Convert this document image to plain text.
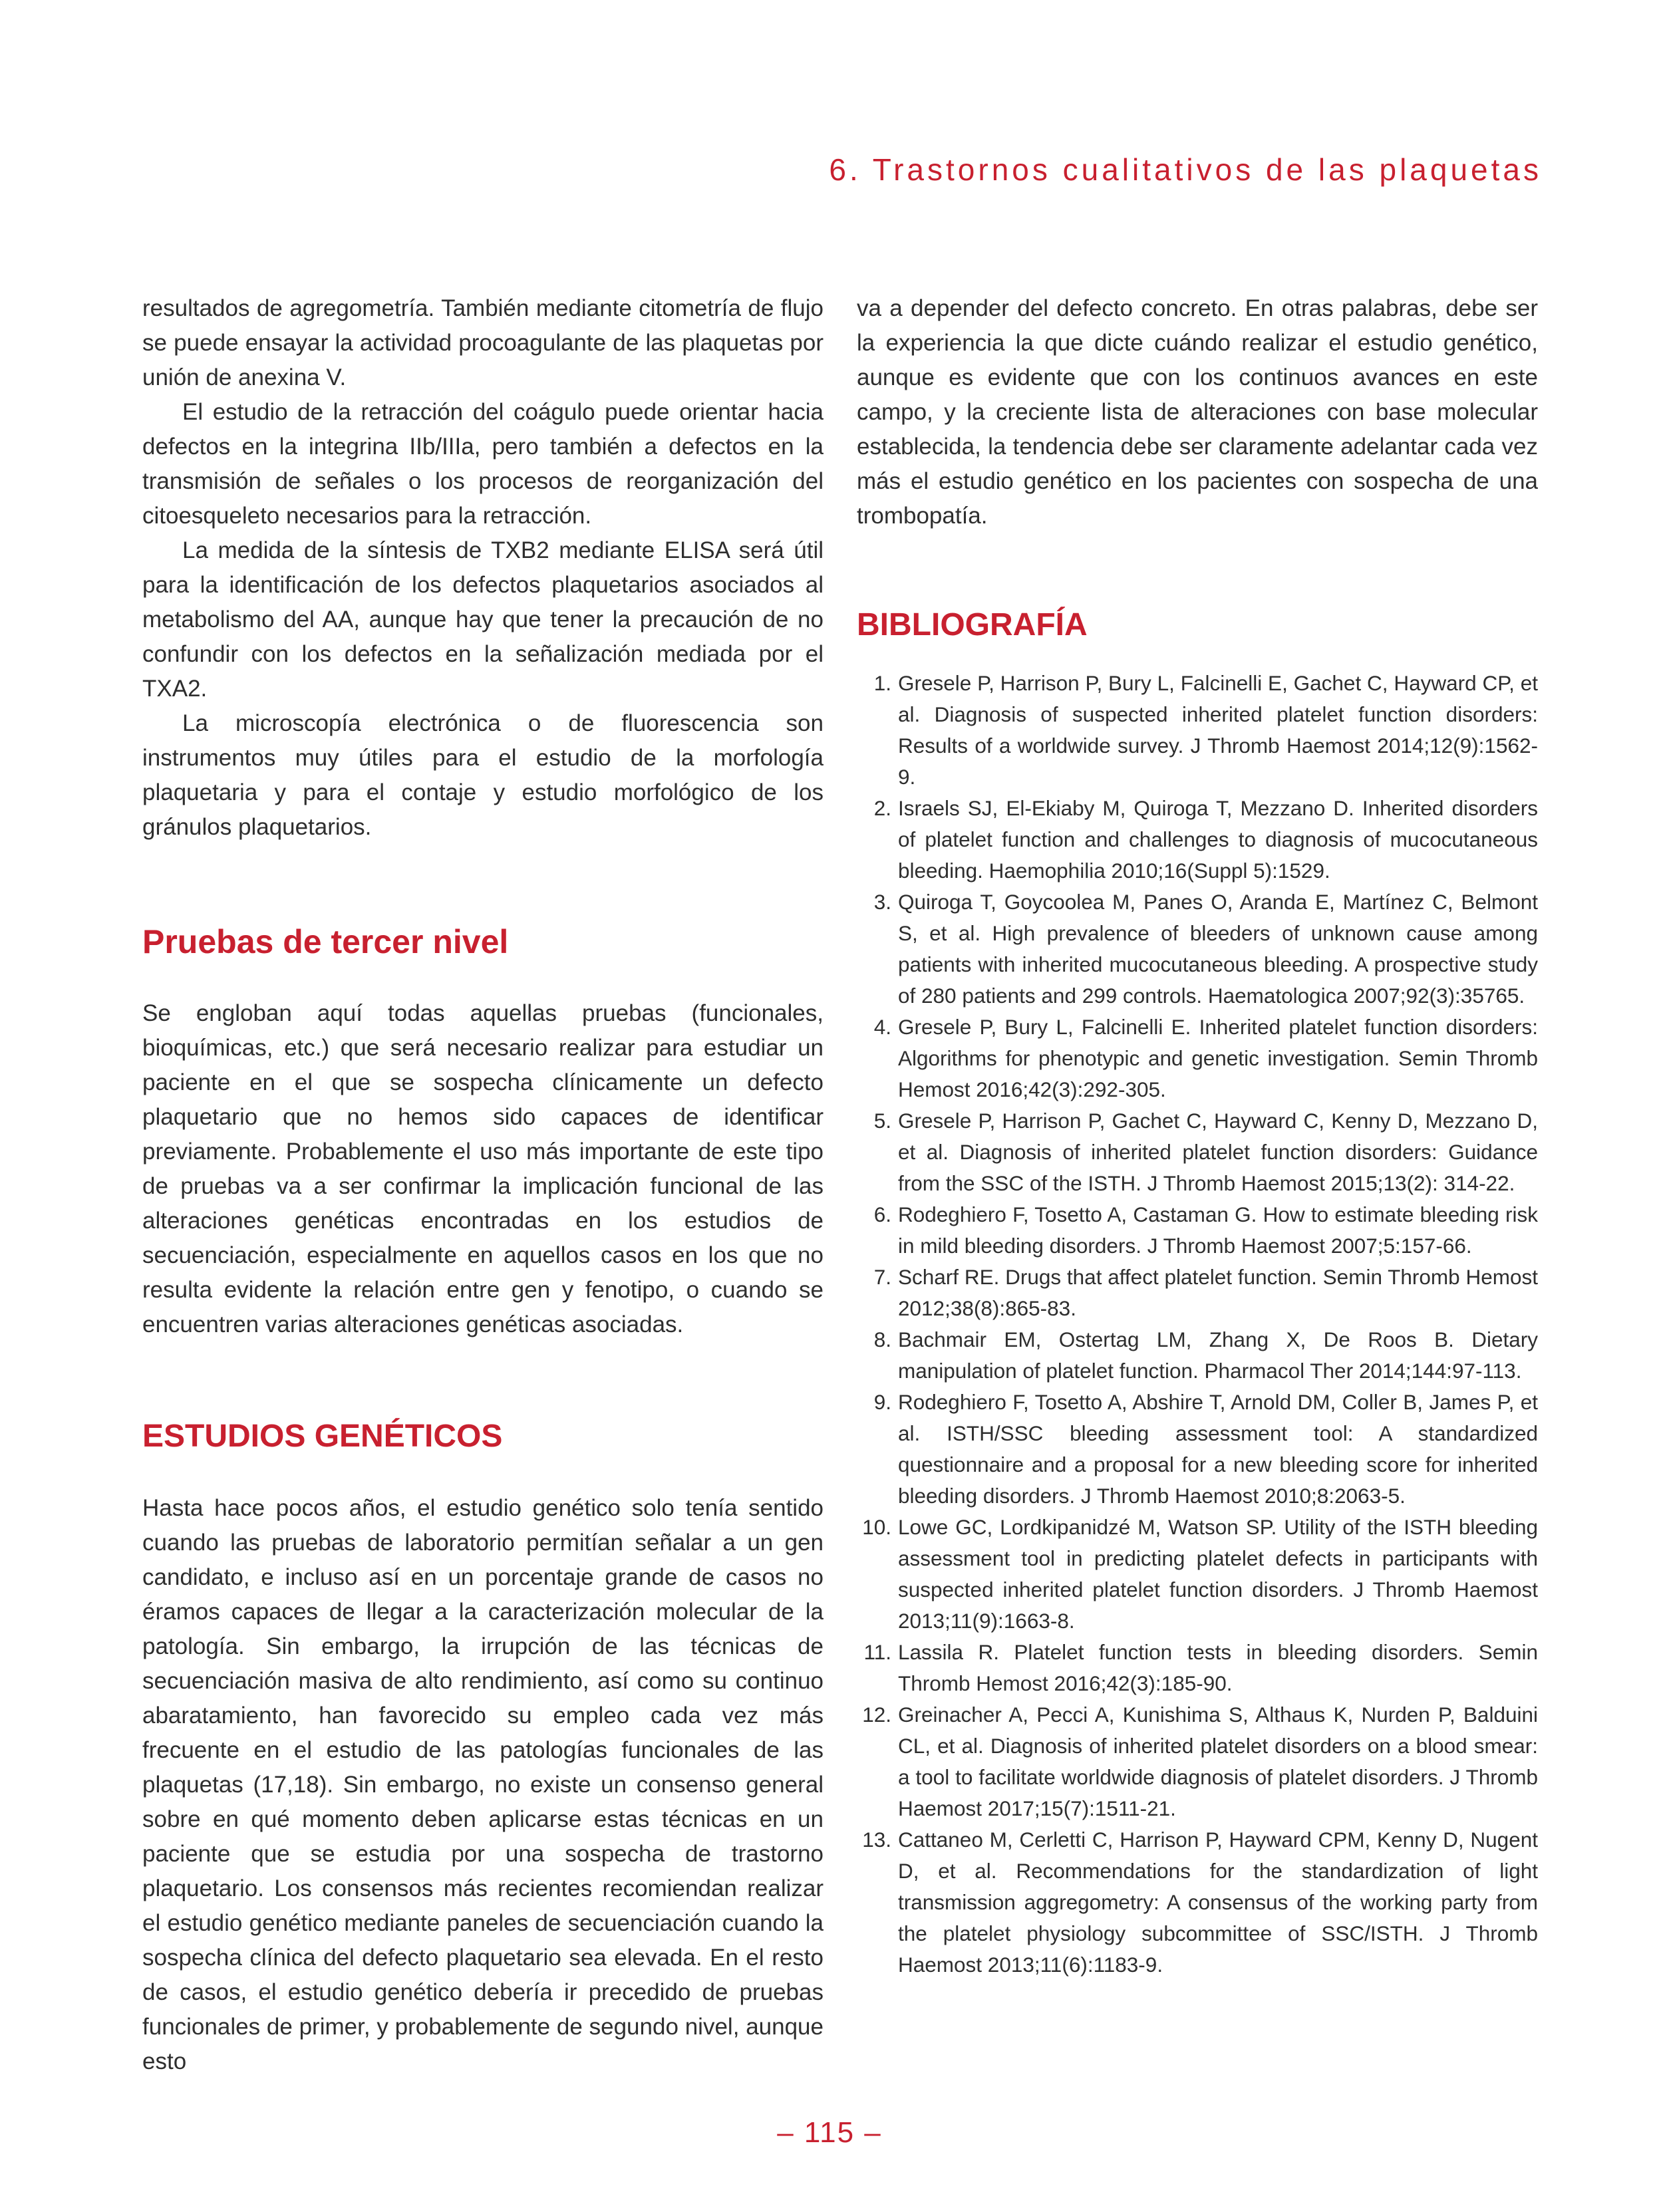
6. Trastornos cualitativos de las plaquetas

resultados de agregometría. También mediante citometría de flujo se puede ensayar la actividad procoagulante de las plaquetas por unión de anexina V.

El estudio de la retracción del coágulo puede orientar hacia defectos en la integrina IIb/IIIa, pero también a defectos en la transmisión de señales o los procesos de reorganización del citoesqueleto necesarios para la retracción.

La medida de la síntesis de TXB2 mediante ELISA será útil para la identificación de los defectos plaquetarios asociados al metabolismo del AA, aunque hay que tener la precaución de no confundir con los defectos en la señalización mediada por el TXA2.

La microscopía electrónica o de fluorescencia son instrumentos muy útiles para el estudio de la morfología plaquetaria y para el contaje y estudio morfológico de los gránulos plaquetarios.

Pruebas de tercer nivel

Se engloban aquí todas aquellas pruebas (funcionales, bioquímicas, etc.) que será necesario realizar para estudiar un paciente en el que se sospecha clínicamente un defecto plaquetario que no hemos sido capaces de identificar previamente. Probablemente el uso más importante de este tipo de pruebas va a ser confirmar la implicación funcional de las alteraciones genéticas encontradas en los estudios de secuenciación, especialmente en aquellos casos en los que no resulta evidente la relación entre gen y fenotipo, o cuando se encuentren varias alteraciones genéticas asociadas.

ESTUDIOS GENÉTICOS

Hasta hace pocos años, el estudio genético solo tenía sentido cuando las pruebas de laboratorio permitían señalar a un gen candidato, e incluso así en un porcentaje grande de casos no éramos capaces de llegar a la caracterización molecular de la patología. Sin embargo, la irrupción de las técnicas de secuenciación masiva de alto rendimiento, así como su continuo abaratamiento, han favorecido su empleo cada vez más frecuente en el estudio de las patologías funcionales de las plaquetas (17,18). Sin embargo, no existe un consenso general sobre en qué momento deben aplicarse estas técnicas en un paciente que se estudia por una sospecha de trastorno plaquetario. Los consensos más recientes recomiendan realizar el estudio genético mediante paneles de secuenciación cuando la sospecha clínica del defecto plaquetario sea elevada. En el resto de casos, el estudio genético debería ir precedido de pruebas funcionales de primer, y probablemente de segundo nivel, aunque esto

va a depender del defecto concreto. En otras palabras, debe ser la experiencia la que dicte cuándo realizar el estudio genético, aunque es evidente que con los continuos avances en este campo, y la creciente lista de alteraciones con base molecular establecida, la tendencia debe ser claramente adelantar cada vez más el estudio genético en los pacientes con sospecha de una trombopatía.

BIBLIOGRAFÍA
1. Gresele P, Harrison P, Bury L, Falcinelli E, Gachet C, Hayward CP, et al. Diagnosis of suspected inherited platelet function disorders: Results of a worldwide survey. J Thromb Haemost 2014;12(9):1562-9.
2. Israels SJ, El-Ekiaby M, Quiroga T, Mezzano D. Inherited disorders of platelet function and challenges to diagnosis of mucocutaneous bleeding. Haemophilia 2010;16(Suppl 5):1529.
3. Quiroga T, Goycoolea M, Panes O, Aranda E, Martínez C, Belmont S, et al. High prevalence of bleeders of unknown cause among patients with inherited mucocutaneous bleeding. A prospective study of 280 patients and 299 controls. Haematologica 2007;92(3):35765.
4. Gresele P, Bury L, Falcinelli E. Inherited platelet function disorders: Algorithms for phenotypic and genetic investigation. Semin Thromb Hemost 2016;42(3):292-305.
5. Gresele P, Harrison P, Gachet C, Hayward C, Kenny D, Mezzano D, et al. Diagnosis of inherited platelet function disorders: Guidance from the SSC of the ISTH. J Thromb Haemost 2015;13(2): 314-22.
6. Rodeghiero F, Tosetto A, Castaman G. How to estimate bleeding risk in mild bleeding disorders. J Thromb Haemost 2007;5:157-66.
7. Scharf RE. Drugs that affect platelet function. Semin Thromb Hemost 2012;38(8):865-83.
8. Bachmair EM, Ostertag LM, Zhang X, De Roos B. Dietary manipulation of platelet function. Pharmacol Ther 2014;144:97-113.
9. Rodeghiero F, Tosetto A, Abshire T, Arnold DM, Coller B, James P, et al. ISTH/SSC bleeding assessment tool: A standardized questionnaire and a proposal for a new bleeding score for inherited bleeding disorders. J Thromb Haemost 2010;8:2063-5.
10. Lowe GC, Lordkipanidzé M, Watson SP. Utility of the ISTH bleeding assessment tool in predicting platelet defects in participants with suspected inherited platelet function disorders. J Thromb Haemost 2013;11(9):1663-8.
11. Lassila R. Platelet function tests in bleeding disorders. Semin Thromb Hemost 2016;42(3):185-90.
12. Greinacher A, Pecci A, Kunishima S, Althaus K, Nurden P, Balduini CL, et al. Diagnosis of inherited platelet disorders on a blood smear: a tool to facilitate worldwide diagnosis of platelet disorders. J Thromb Haemost 2017;15(7):1511-21.
13. Cattaneo M, Cerletti C, Harrison P, Hayward CPM, Kenny D, Nugent D, et al. Recommendations for the standardization of light transmission aggregometry: A consensus of the working party from the platelet physiology subcommittee of SSC/ISTH. J Thromb Haemost 2013;11(6):1183-9.
– 115 –
